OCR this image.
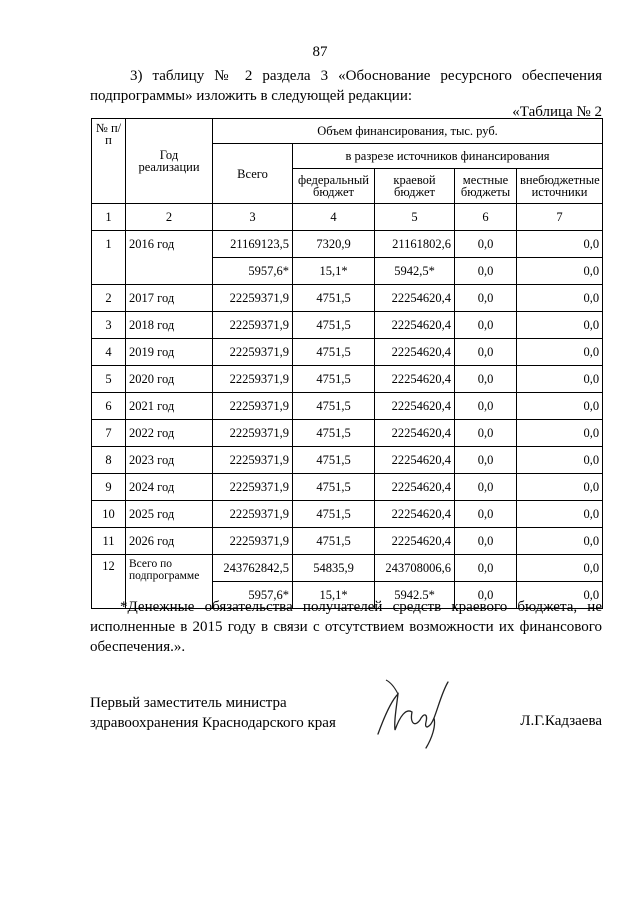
87
3) таблицу № 2 раздела 3 «Обоснование ресурсного обеспечения подпрограммы» изложить в следующей редакции:
«Таблица № 2
№ п/п	Год реализации	Объем финансирования, тыс. руб.				
		Всего	в разрезе источников финансирования			
			федеральный бюджет	краевой бюджет	местные бюджеты	внебюджетные источники
1	2	3	4	5	6	7
1	2016 год	21169123,5	7320,9	21161802,6	0,0	0,0
		5957,6*	15,1*	5942,5*	0,0	0,0
2	2017 год	22259371,9	4751,5	22254620,4	0,0	0,0
3	2018 год	22259371,9	4751,5	22254620,4	0,0	0,0
4	2019 год	22259371,9	4751,5	22254620,4	0,0	0,0
5	2020 год	22259371,9	4751,5	22254620,4	0,0	0,0
6	2021 год	22259371,9	4751,5	22254620,4	0,0	0,0
7	2022 год	22259371,9	4751,5	22254620,4	0,0	0,0
8	2023 год	22259371,9	4751,5	22254620,4	0,0	0,0
9	2024 год	22259371,9	4751,5	22254620,4	0,0	0,0
10	2025 год	22259371,9	4751,5	22254620,4	0,0	0,0
11	2026 год	22259371,9	4751,5	22254620,4	0,0	0,0
12	Всего по подпрограмме	243762842,5	54835,9	243708006,6	0,0	0,0
		5957,6*	15,1*	5942.5*	0,0	0,0
*Денежные обязательства получателей средств краевого бюджета, не исполненные в 2015 году в связи с отсутствием возможности их финансового обеспечения.».
Первый заместитель министра
здравоохранения Краснодарского края	Л.Г.Кадзаева
